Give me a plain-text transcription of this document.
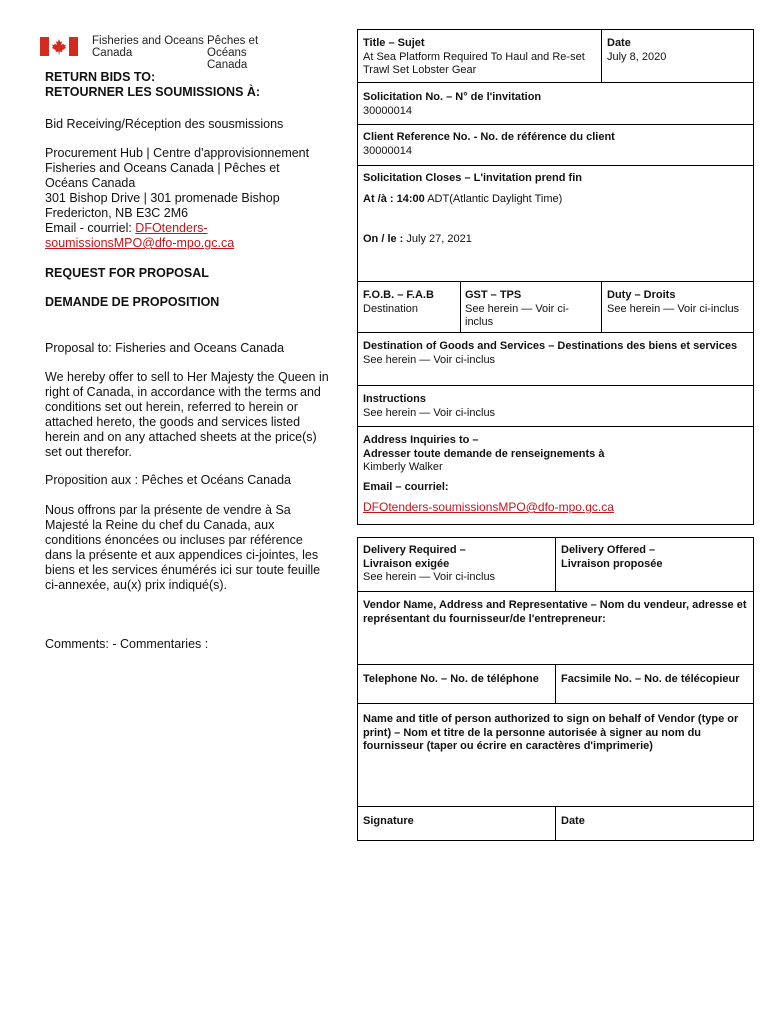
Fisheries and Oceans
Canada
Pêches et Océans
Canada
RETURN BIDS TO:
RETOURNER LES SOUMISSIONS À:
Bid Receiving/Réception des sousmissions
Procurement Hub | Centre d'approvisionnement
Fisheries and Oceans Canada | Pêches et
Océans Canada
301 Bishop Drive | 301 promenade Bishop
Fredericton, NB E3C 2M6
Email - courriel: DFOtenders-
soumissionsMPO@dfo-mpo.gc.ca
REQUEST FOR PROPOSAL
DEMANDE DE PROPOSITION
Proposal to: Fisheries and Oceans Canada
We hereby offer to sell to Her Majesty the Queen in right of Canada, in accordance with the terms and conditions set out herein, referred to herein or attached hereto, the goods and services listed herein and on any attached sheets at the price(s) set out therefor.
Proposition aux : Pêches et Océans Canada
Nous offrons par la présente de vendre à Sa Majesté la Reine du chef du Canada, aux conditions énoncées ou incluses par référence dans la présente et aux appendices ci-jointes, les biens et les services énumérés ici sur toute feuille ci-annexée, au(x) prix indiqué(s).
Comments: - Commentaries :
Title – Sujet
At Sea Platform Required To Haul and Re-set Trawl Set Lobster Gear
Date
July 8, 2020
Solicitation No. – N° de l'invitation
30000014
Client Reference No. - No. de référence du client
30000014
Solicitation Closes – L'invitation prend fin
At /à : 14:00 ADT(Atlantic Daylight Time)
On / le : July 27, 2021
F.O.B. – F.A.B
Destination
GST – TPS
See herein — Voir ci-inclus
Duty – Droits
See herein — Voir ci-inclus
Destination of Goods and Services – Destinations des biens et services
See herein — Voir ci-inclus
Instructions
See herein — Voir ci-inclus
Address Inquiries to –
Adresser toute demande de renseignements à
Kimberly Walker
Email – courriel:
DFOtenders-soumissionsMPO@dfo-mpo.gc.ca
Delivery Required –
Livraison exigée
See herein — Voir ci-inclus
Delivery Offered –
Livraison proposée
Vendor Name, Address and Representative – Nom du vendeur, adresse et représentant du fournisseur/de l'entrepreneur:
Telephone No. – No. de téléphone	Facsimile No. – No. de télécopieur
Name and title of person authorized to sign on behalf of Vendor (type or print) – Nom et titre de la personne autorisée à signer au nom du fournisseur (taper ou écrire en caractères d'imprimerie)
Signature	Date
